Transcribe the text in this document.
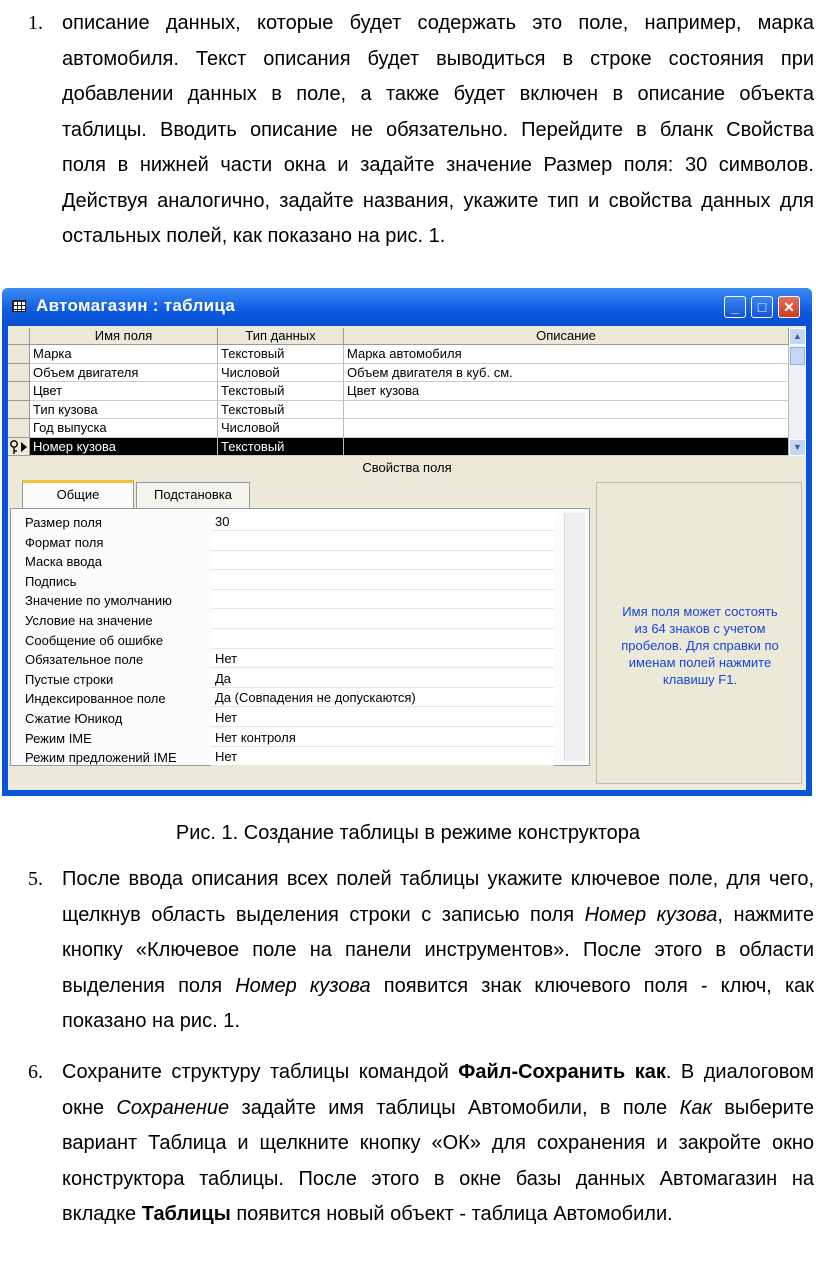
1. описание данных, которые будет содержать это поле, например, марка
автомобиля. Текст описания будет выводиться в строке состояния при
добавлении данных в поле, а также будет включен в описание объекта
таблицы. Вводить описание не обязательно. Перейдите в бланк Свойства
поля в нижней части окна и задайте значение Размер поля: 30 символов.
Действуя аналогично, задайте названия, укажите тип и свойства данных для
остальных полей, как показано на рис. 1.
Автомагазин : таблица	_	□	✕
Имя поля	Тип данных	Описание
Марка	Текстовый	Марка автомобиля
Объем двигателя	Числовой	Объем двигателя в куб. см.
Цвет	Текстовый	Цвет кузова
Тип кузова	Текстовый
Год выпуска	Числовой
Номер кузова	Текстовый
▲
▼
Свойства поля
Общие	Подстановка
Размер поля	30
Формат поля
Маска ввода
Подпись
Значение по умолчанию
Условие на значение
Сообщение об ошибке
Обязательное поле	Нет
Пустые строки	Да
Индексированное поле	Да (Совпадения не допускаются)
Сжатие Юникод	Нет
Режим IME	Нет контроля
Режим предложений IME	Нет
Имя поля может состоять
из 64 знаков с учетом
пробелов. Для справки по
именам полей нажмите
клавишу F1.
Рис. 1. Создание таблицы в режиме конструктора
5. После ввода описания всех полей таблицы укажите ключевое поле, для чего,
щелкнув область выделения строки с записью поля Номер кузова, нажмите
кнопку «Ключевое поле на панели инструментов». После этого в области
выделения поля Номер кузова появится знак ключевого поля - ключ, как
показано на рис. 1.
6. Сохраните структуру таблицы командой Файл-Сохранить как. В диалоговом
окне Сохранение задайте имя таблицы Автомобили, в поле Как выберите
вариант Таблица и щелкните кнопку «ОК» для сохранения и закройте окно
конструктора таблицы. После этого в окне базы данных Автомагазин на
вкладке Таблицы появится новый объект - таблица Автомобили.
